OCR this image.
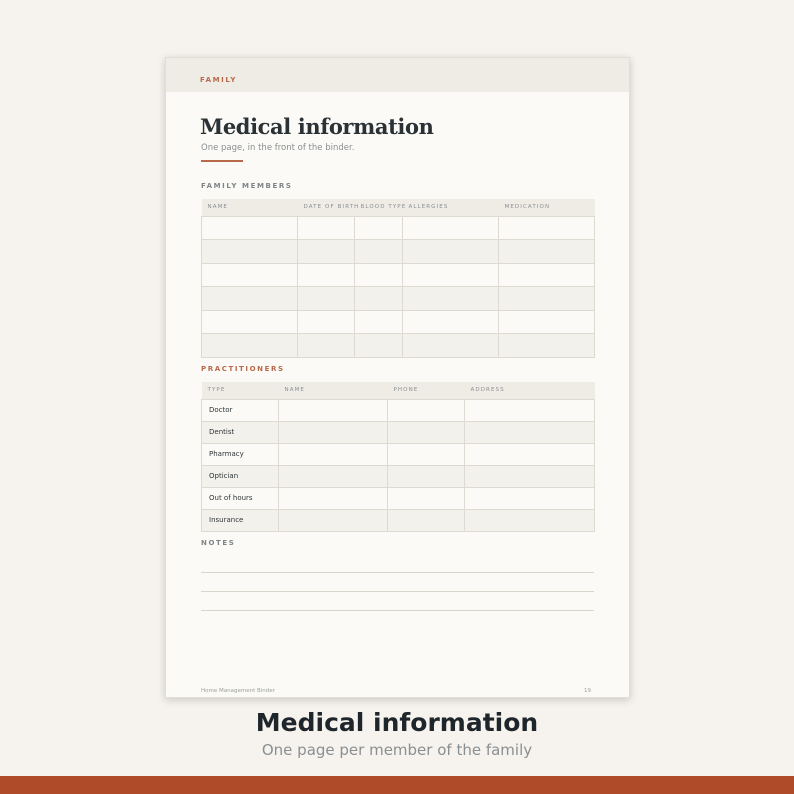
FAMILY
Medical information
One page, in the front of the binder.
FAMILY MEMBERS
NAME	DATE OF BIRTH	BLOOD TYPE	ALLERGIES	MEDICATION

PRACTITIONERS
TYPE	NAME	PHONE	ADDRESS
Doctor			
Dentist			
Pharmacy			
Optician			
Out of hours			
Insurance			
NOTES
Home Management Binder	19
Medical information
One page per member of the family
